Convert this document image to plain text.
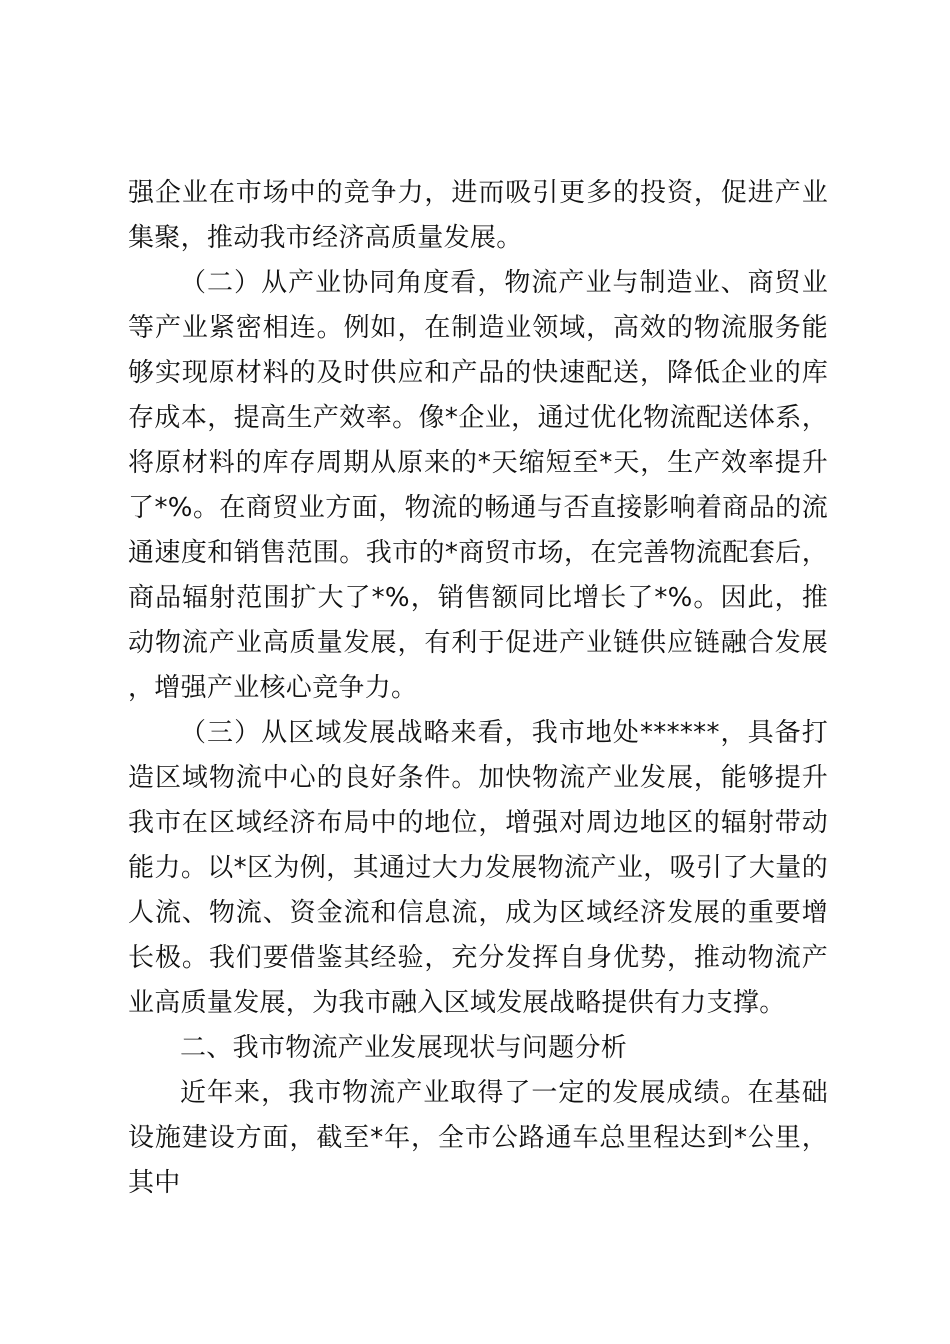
强企业在市场中的竞争力，进而吸引更多的投资，促进产业集聚，推动我市经济高质量发展。

（二）从产业协同角度看，物流产业与制造业、商贸业等产业紧密相连。例如，在制造业领域，高效的物流服务能够实现原材料的及时供应和产品的快速配送，降低企业的库存成本，提高生产效率。像*企业，通过优化物流配送体系，将原材料的库存周期从原来的*天缩短至*天，生产效率提升了*%。在商贸业方面，物流的畅通与否直接影响着商品的流通速度和销售范围。我市的*商贸市场，在完善物流配套后，商品辐射范围扩大了*%，销售额同比增长了*%。因此，推动物流产业高质量发展，有利于促进产业链供应链融合发展，增强产业核心竞争力。

（三）从区域发展战略来看，我市地处******，具备打造区域物流中心的良好条件。加快物流产业发展，能够提升我市在区域经济布局中的地位，增强对周边地区的辐射带动能力。以*区为例，其通过大力发展物流产业，吸引了大量的人流、物流、资金流和信息流，成为区域经济发展的重要增长极。我们要借鉴其经验，充分发挥自身优势，推动物流产业高质量发展，为我市融入区域发展战略提供有力支撑。

二、我市物流产业发展现状与问题分析

近年来，我市物流产业取得了一定的发展成绩。在基础设施建设方面，截至*年，全市公路通车总里程达到*公里，其中
